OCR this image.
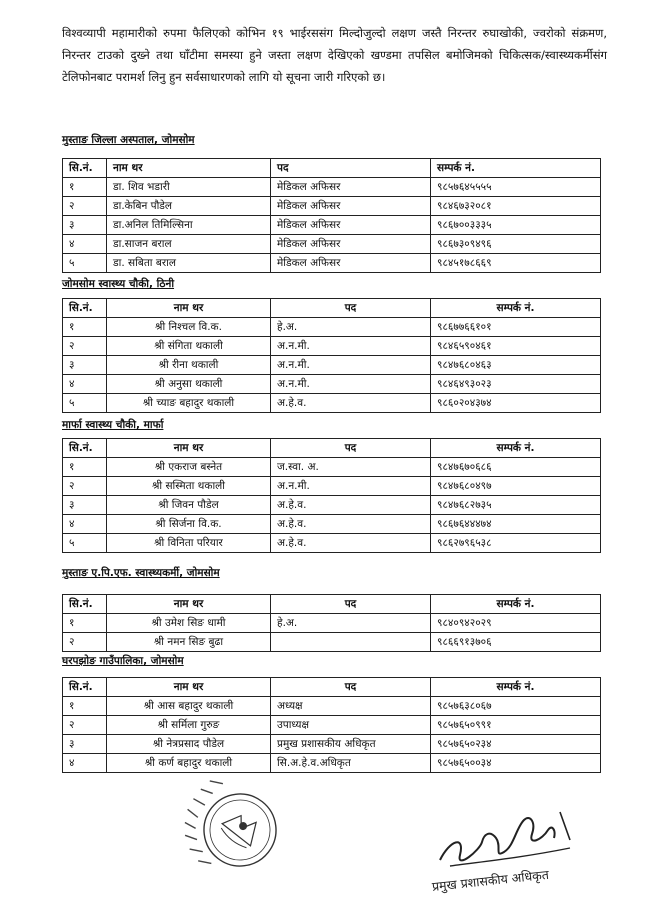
विश्वव्यापी महामारीको रुपमा फैलिएको कोभिन १९ भाईरससंग मिल्दोजुल्दो लक्षण जस्तै निरन्तर रुघाखोकी, ज्वरोको संक्रमण, निरन्तर टाउको दुख्ने तथा घाँटीमा समस्या हुने जस्ता लक्षण देखिएको खण्डमा तपसिल बमोजिमको चिकित्सक/स्वास्थ्यकर्मीसंग टेलिफोनबाट परामर्श लिनु हुन सर्वसाधारणको लागि यो सूचना जारी गरिएको छ।

मुस्ताङ जिल्ला अस्पताल, जोमसोम
सि.नं.	नाम थर	पद	सम्पर्क नं.
१	डा. शिव भडारी	मेडिकल अफिसर	९८५७६४५५५५
२	डा.केबिन पौडेल	मेडिकल अफिसर	९८४६७३२०८१
३	डा.अनिल तिमिल्सिना	मेडिकल अफिसर	९८६७००३३३५
४	डा.साजन बराल	मेडिकल अफिसर	९८६७३०९४९६
५	डा. सबिता बराल	मेडिकल अफिसर	९८४५१७८६६९
जोमसोम स्वास्थ्य चौकी, ठिनी
सि.नं.	नाम थर	पद	सम्पर्क नं.
१	श्री निश्चल वि.क.	हे.अ.	९८६७७६६१०१
२	श्री संगिता थकाली	अ.न.मी.	९८४६५९०४६१
३	श्री रीना थकाली	अ.न.मी.	९८४७६८०४६३
४	श्री अनुसा थकाली	अ.न.मी.	९८४६४९३०२३
५	श्री च्याङ बहादुर थकाली	अ.हे.व.	९८६०२०४३७४
मार्फा स्वास्थ्य चौकी, मार्फा
सि.नं.	नाम थर	पद	सम्पर्क नं.
१	श्री एकराज बस्नेत	ज.स्वा. अ.	९८४७६७०६८६
२	श्री सस्मिता थकाली	अ.न.मी.	९८४७६८०४९७
३	श्री जिवन पौडेल	अ.हे.व.	९८४७६८२७३५
४	श्री सिर्जना वि.क.	अ.हे.व.	९८६७६४४४७४
५	श्री विनिता परियार	अ.हे.व.	९८६२७९६५३८
मुस्ताङ ए.पि.एफ. स्वास्थ्यकर्मी, जोमसोम
सि.नं.	नाम थर	पद	सम्पर्क नं.
१	श्री उमेश सिङ धामी	हे.अ.	९८४०९४२०२९
२	श्री नमन सिङ बुढा		९८६६९१३७०६
घरपझोङ गाउँपालिका, जोमसोम
सि.नं.	नाम थर	पद	सम्पर्क नं.
१	श्री आस बहादुर थकाली	अध्यक्ष	९८५७६३८०६७
२	श्री सर्मिला गुरुङ	उपाध्यक्ष	९८५७६५०९९१
३	श्री नेत्रप्रसाद पौडेल	प्रमुख प्रशासकीय अधिकृत	९८५७६५०२३४
४	श्री कर्ण बहादुर थकाली	सि.अ.हे.व.अधिकृत	९८५७६५००३४
प्रमुख प्रशासकीय अधिकृत
